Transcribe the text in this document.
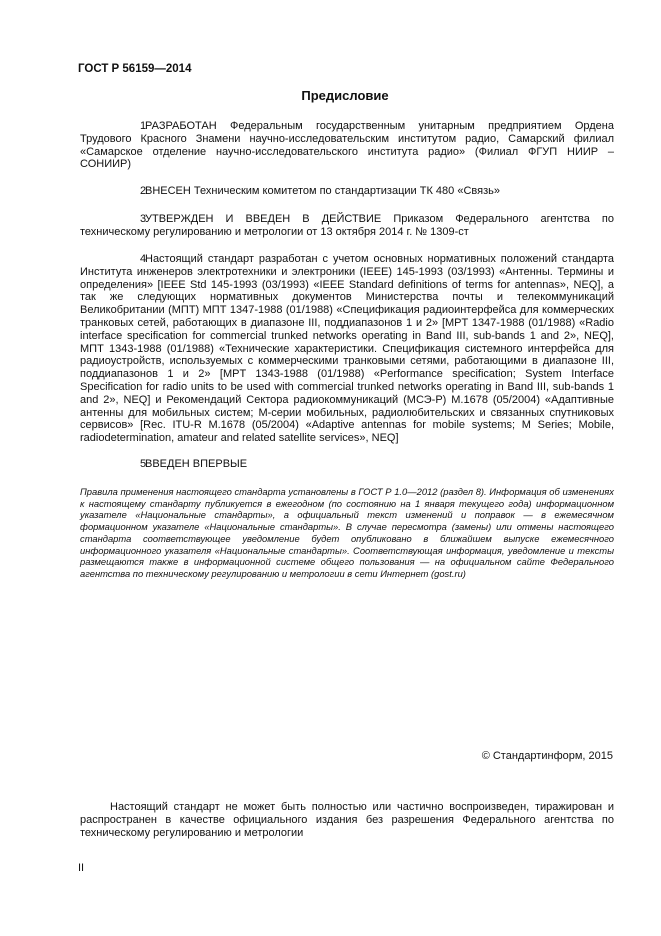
ГОСТ Р 56159—2014
Предисловие

1РАЗРАБОТАН Федеральным государственным унитарным предприятием Ордена Трудового Красного Знамени научно-исследовательским институтом радио, Самарский филиал «Самарское отделение научно-исследовательского института радио» (Филиал ФГУП НИИР – СОНИИР)

2ВНЕСЕН Техническим комитетом по стандартизации ТК 480 «Связь»

3УТВЕРЖДЕН И ВВЕДЕН В ДЕЙСТВИЕ Приказом Федерального агентства по техническому регулированию и метрологии от 13 октября 2014 г. № 1309-ст

4Настоящий стандарт разработан с учетом основных нормативных положений стандарта Института инженеров электротехники и электроники (IEEE) 145-1993 (03/1993) «Антенны. Термины и определения» [IEEE Std 145-1993 (03/1993) «IEEE Standard definitions of terms for antennas», NEQ], а так же следующих нормативных документов Министерства почты и телекоммуникаций Великобритании (МПТ) МПТ 1347-1988 (01/1988) «Спецификация радиоинтерфейса для коммерческих транковых сетей, работающих в диапазоне III, поддиапазонов 1 и 2» [MPT 1347-1988 (01/1988) «Radio interface specification for commercial trunked networks operating in Band III, sub-bands 1 and 2», NEQ], МПТ 1343-1988 (01/1988) «Технические характеристики. Спецификация системного интерфейса для радиоустройств, используемых с коммерческими транковыми сетями, работающими в диапазоне III, поддиапазонов 1 и 2» [MPT 1343-1988 (01/1988) «Performance specification; System Interface Specification for radio units to be used with commercial trunked networks operating in Band III, sub-bands 1 and 2», NEQ] и Рекомендаций Сектора радиокоммуникаций (МСЭ-Р) М.1678 (05/2004) «Адаптивные антенны для мобильных систем; М-серии мобильных, радиолюбительских и связанных спутниковых сервисов» [Rec. ITU-R M.1678 (05/2004) «Adaptive antennas for mobile systems; M Series; Mobile, radiodetermination, amateur and related satellite services», NEQ]

5ВВЕДЕН ВПЕРВЫЕ

Правила применения настоящего стандарта установлены в ГОСТ Р 1.0—2012 (раздел 8). Информация об изменениях к настоящему стандарту публикуется в ежегодном (по состоянию на 1 января текущего года) информационном указателе «Национальные стандарты», а официальный текст изменений и поправок — в ежемесячном формационном указателе «Национальные стандарты». В случае пересмотра (замены) или отмены настоящего стандарта соответствующее уведомление будет опубликовано в ближайшем выпуске ежемесячного информационного указателя «Национальные стандарты». Соответствующая информация, уведомление и тексты размещаются также в информационной системе общего пользования — на официальном сайте Федерального агентства по техническому регулированию и метрологии в сети Интернет (gost.ru)

© Стандартинформ, 2015

Настоящий стандарт не может быть полностью или частично воспроизведен, тиражирован и распространен в качестве официального издания без разрешения Федерального агентства по техническому регулированию и метрологии

II
